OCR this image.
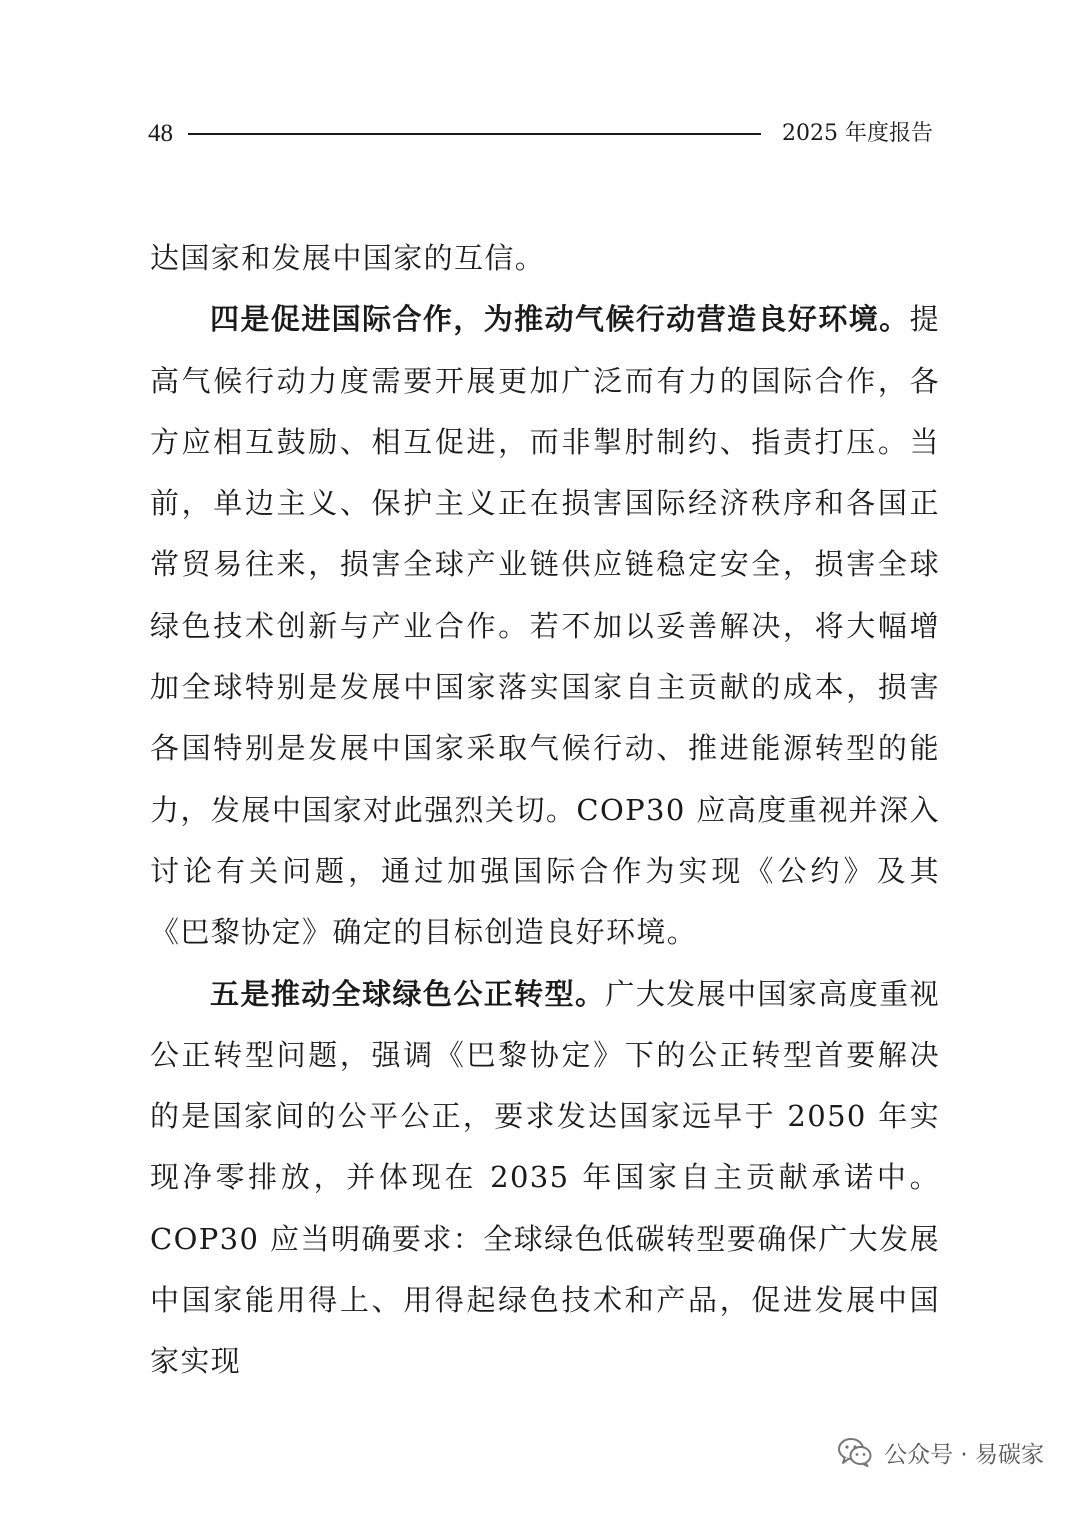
48	2025 年度报告

达国家和发展中国家的互信。

四是促进国际合作，为推动气候行动营造良好环境。提高气候行动力度需要开展更加广泛而有力的国际合作，各方应相互鼓励、相互促进，而非掣肘制约、指责打压。当前，单边主义、保护主义正在损害国际经济秩序和各国正常贸易往来，损害全球产业链供应链稳定安全，损害全球绿色技术创新与产业合作。若不加以妥善解决，将大幅增加全球特别是发展中国家落实国家自主贡献的成本，损害各国特别是发展中国家采取气候行动、推进能源转型的能力，发展中国家对此强烈关切。COP30 应高度重视并深入讨论有关问题，通过加强国际合作为实现《公约》及其《巴黎协定》确定的目标创造良好环境。

五是推动全球绿色公正转型。广大发展中国家高度重视公正转型问题，强调《巴黎协定》下的公正转型首要解决的是国家间的公平公正，要求发达国家远早于 2050 年实现净零排放，并体现在 2035 年国家自主贡献承诺中。COP30 应当明确要求：全球绿色低碳转型要确保广大发展中国家能用得上、用得起绿色技术和产品，促进发展中国家实现

公众号 · 易碳家
